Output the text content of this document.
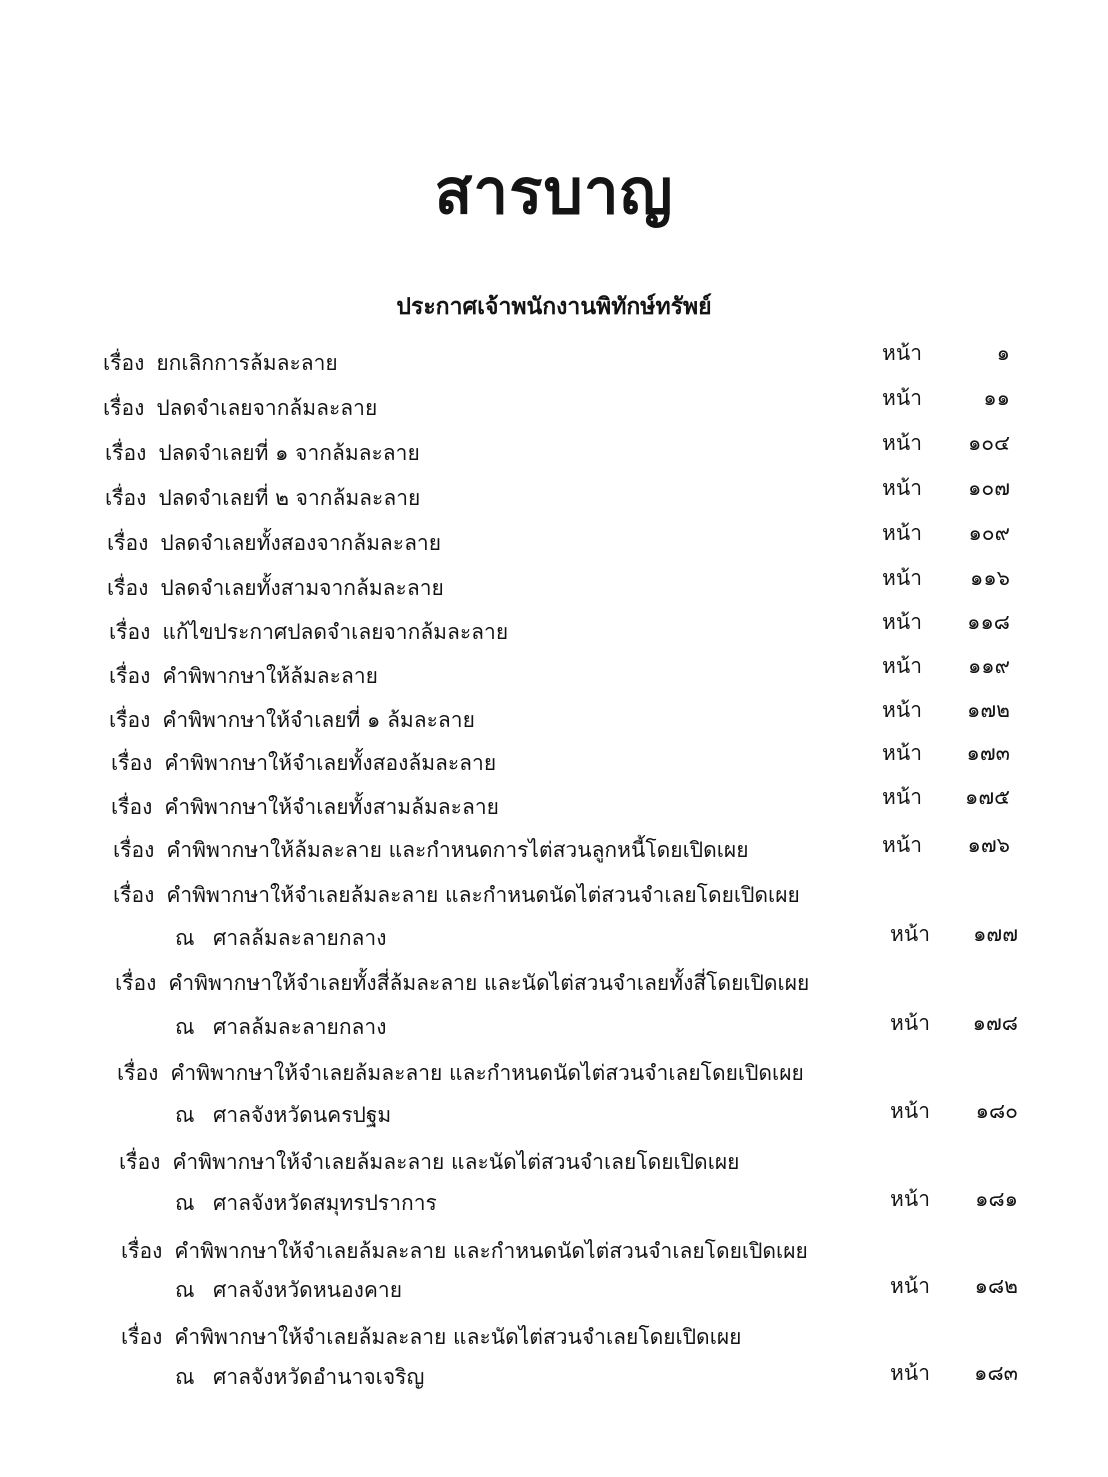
สารบาญ
ประกาศเจ้าพนักงานพิทักษ์ทรัพย์
เรื่อง ยกเลิกการล้มละลาย	หน้า	๑
เรื่อง ปลดจำเลยจากล้มละลาย	หน้า	๑๑
เรื่อง ปลดจำเลยที่ ๑ จากล้มละลาย	หน้า ๑๐๔
เรื่อง ปลดจำเลยที่ ๒ จากล้มละลาย	หน้า ๑๐๗
เรื่อง ปลดจำเลยทั้งสองจากล้มละลาย	หน้า ๑๐๙
เรื่อง ปลดจำเลยทั้งสามจากล้มละลาย	หน้า ๑๑๖
เรื่อง แก้ไขประกาศปลดจำเลยจากล้มละลาย	หน้า ๑๑๘
เรื่อง คำพิพากษาให้ล้มละลาย	หน้า ๑๑๙
เรื่อง คำพิพากษาให้จำเลยที่ ๑ ล้มละลาย	หน้า ๑๗๒
เรื่อง คำพิพากษาให้จำเลยทั้งสองล้มละลาย	หน้า ๑๗๓
เรื่อง คำพิพากษาให้จำเลยทั้งสามล้มละลาย	หน้า ๑๗๕
เรื่อง คำพิพากษาให้ล้มละลาย และกำหนดการไต่สวนลูกหนี้โดยเปิดเผย	หน้า ๑๗๖
เรื่อง คำพิพากษาให้จำเลยล้มละลาย และกำหนดนัดไต่สวนจำเลยโดยเปิดเผย
ณ ศาลล้มละลายกลาง	หน้า ๑๗๗
เรื่อง คำพิพากษาให้จำเลยทั้งสี่ล้มละลาย และนัดไต่สวนจำเลยทั้งสี่โดยเปิดเผย
ณ ศาลล้มละลายกลาง	หน้า ๑๗๘
เรื่อง คำพิพากษาให้จำเลยล้มละลาย และกำหนดนัดไต่สวนจำเลยโดยเปิดเผย
ณ ศาลจังหวัดนครปฐม	หน้า ๑๘๐
เรื่อง คำพิพากษาให้จำเลยล้มละลาย และนัดไต่สวนจำเลยโดยเปิดเผย
ณ ศาลจังหวัดสมุทรปราการ	หน้า ๑๘๑
เรื่อง คำพิพากษาให้จำเลยล้มละลาย และกำหนดนัดไต่สวนจำเลยโดยเปิดเผย
ณ ศาลจังหวัดหนองคาย	หน้า ๑๘๒
เรื่อง คำพิพากษาให้จำเลยล้มละลาย และนัดไต่สวนจำเลยโดยเปิดเผย
ณ ศาลจังหวัดอำนาจเจริญ	หน้า ๑๘๓
